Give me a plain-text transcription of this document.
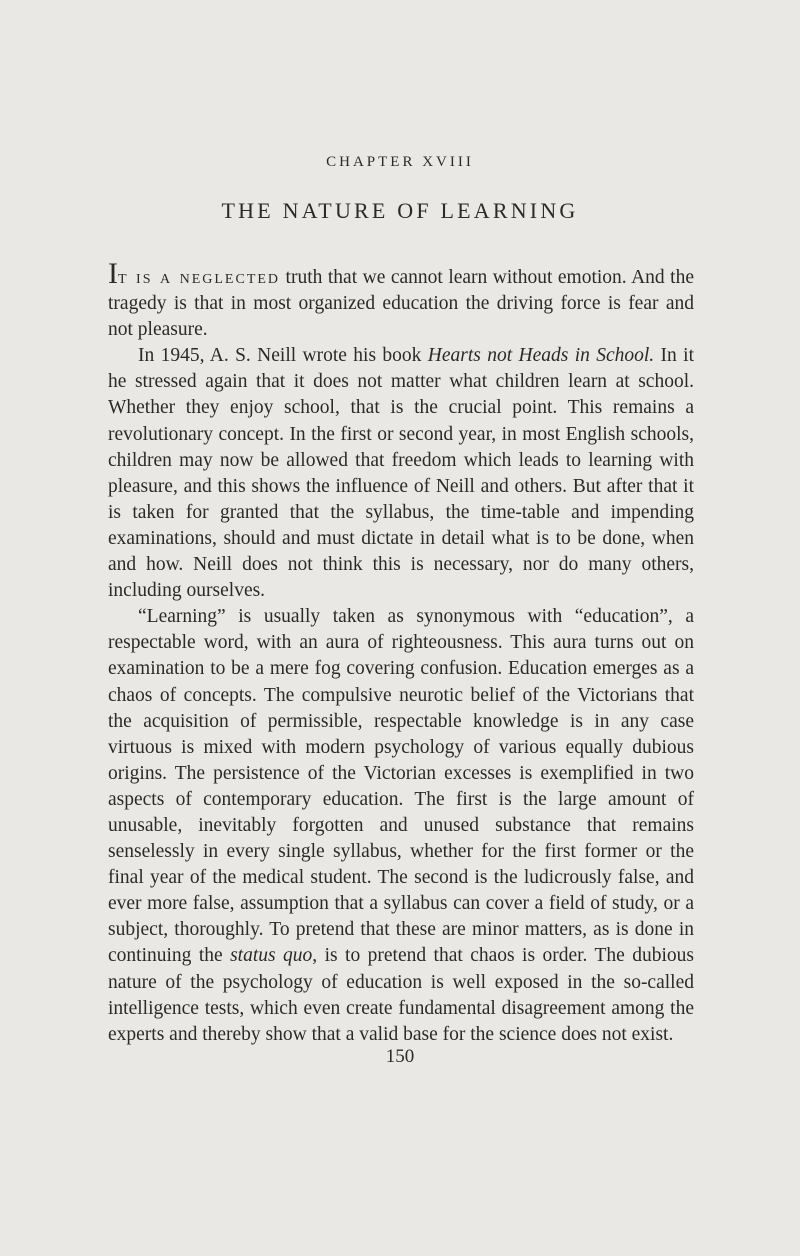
CHAPTER XVIII
THE NATURE OF LEARNING

It is a neglected truth that we cannot learn without emotion. And the tragedy is that in most organized education the driving force is fear and not pleasure.

In 1945, A. S. Neill wrote his book Hearts not Heads in School. In it he stressed again that it does not matter what children learn at school. Whether they enjoy school, that is the crucial point. This remains a revolutionary concept. In the first or second year, in most English schools, children may now be allowed that freedom which leads to learning with pleasure, and this shows the influence of Neill and others. But after that it is taken for granted that the syllabus, the time-table and impending examinations, should and must dictate in detail what is to be done, when and how. Neill does not think this is necessary, nor do many others, including ourselves.

“Learning” is usually taken as synonymous with “education”, a respectable word, with an aura of righteousness. This aura turns out on examination to be a mere fog covering confusion. Education emerges as a chaos of concepts. The compulsive neurotic belief of the Victorians that the acquisition of permissible, respectable knowledge is in any case virtuous is mixed with modern psychology of various equally dubious origins. The persistence of the Victorian excesses is exemplified in two aspects of contemporary education. The first is the large amount of unusable, inevitably forgotten and unused substance that remains senselessly in every single syllabus, whether for the first former or the final year of the medical student. The second is the ludicrously false, and ever more false, assumption that a syllabus can cover a field of study, or a subject, thoroughly. To pretend that these are minor matters, as is done in continuing the status quo, is to pretend that chaos is order. The dubious nature of the psychology of education is well exposed in the so-called intelligence tests, which even create fundamental disagreement among the experts and thereby show that a valid base for the science does not exist.

150
